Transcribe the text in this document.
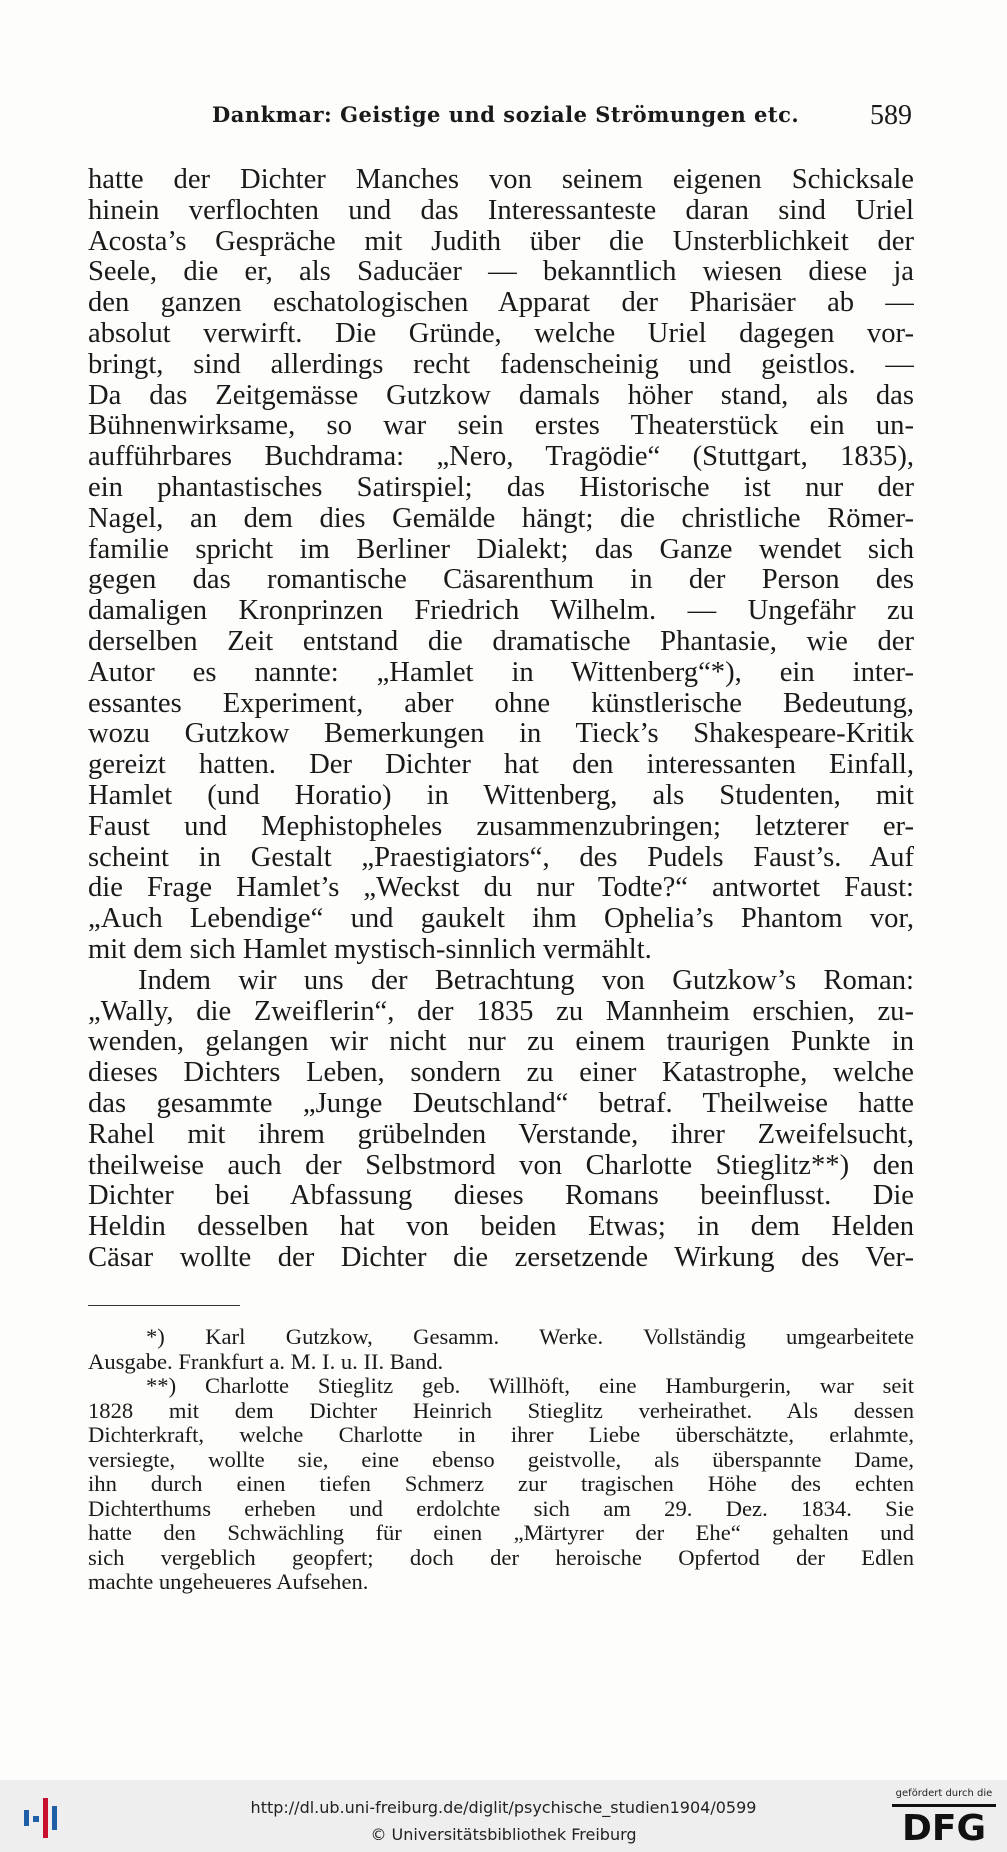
Dankmar: Geistige und soziale Strömungen etc.	589
hatte der Dichter Manches von seinem eigenen Schicksale
hinein verflochten und das Interessanteste daran sind Uriel
Acosta’s Gespräche mit Judith über die Unsterblichkeit der
Seele, die er, als Saducäer — bekanntlich wiesen diese ja
den ganzen eschatologischen Apparat der Pharisäer ab —
absolut verwirft. Die Gründe, welche Uriel dagegen vor-
bringt, sind allerdings recht fadenscheinig und geistlos. —
Da das Zeitgemässe Gutzkow damals höher stand, als das
Bühnenwirksame, so war sein erstes Theaterstück ein un-
aufführbares Buchdrama: „Nero, Tragödie“ (Stuttgart, 1835),
ein phantastisches Satirspiel; das Historische ist nur der
Nagel, an dem dies Gemälde hängt; die christliche Römer-
familie spricht im Berliner Dialekt; das Ganze wendet sich
gegen das romantische Cäsarenthum in der Person des
damaligen Kronprinzen Friedrich Wilhelm. — Ungefähr zu
derselben Zeit entstand die dramatische Phantasie, wie der
Autor es nannte: „Hamlet in Wittenberg“*), ein inter-
essantes Experiment, aber ohne künstlerische Bedeutung,
wozu Gutzkow Bemerkungen in Tieck’s Shakespeare-Kritik
gereizt hatten. Der Dichter hat den interessanten Einfall,
Hamlet (und Horatio) in Wittenberg, als Studenten, mit
Faust und Mephistopheles zusammenzubringen; letzterer er-
scheint in Gestalt „Praestigiators“, des Pudels Faust’s. Auf
die Frage Hamlet’s „Weckst du nur Todte?“ antwortet Faust:
„Auch Lebendige“ und gaukelt ihm Ophelia’s Phantom vor,
mit dem sich Hamlet mystisch-sinnlich vermählt.
Indem wir uns der Betrachtung von Gutzkow’s Roman:
„Wally, die Zweiflerin“, der 1835 zu Mannheim erschien, zu-
wenden, gelangen wir nicht nur zu einem traurigen Punkte in
dieses Dichters Leben, sondern zu einer Katastrophe, welche
das gesammte „Junge Deutschland“ betraf. Theilweise hatte
Rahel mit ihrem grübelnden Verstande, ihrer Zweifelsucht,
theilweise auch der Selbstmord von Charlotte Stieglitz**) den
Dichter bei Abfassung dieses Romans beeinflusst. Die
Heldin desselben hat von beiden Etwas; in dem Helden
Cäsar wollte der Dichter die zersetzende Wirkung des Ver-
*) Karl Gutzkow, Gesamm. Werke. Vollständig umgearbeitete
Ausgabe. Frankfurt a. M. I. u. II. Band.
**) Charlotte Stieglitz geb. Willhöft, eine Hamburgerin, war seit
1828 mit dem Dichter Heinrich Stieglitz verheirathet. Als dessen
Dichterkraft, welche Charlotte in ihrer Liebe überschätzte, erlahmte,
versiegte, wollte sie, eine ebenso geistvolle, als überspannte Dame,
ihn durch einen tiefen Schmerz zur tragischen Höhe des echten
Dichterthums erheben und erdolchte sich am 29. Dez. 1834. Sie
hatte den Schwächling für einen „Märtyrer der Ehe“ gehalten und
sich vergeblich geopfert; doch der heroische Opfertod der Edlen
machte ungeheueres Aufsehen.
http://dl.ub.uni-freiburg.de/diglit/psychische_studien1904/0599
© Universitätsbibliothek Freiburg
gefördert durch die
DFG
